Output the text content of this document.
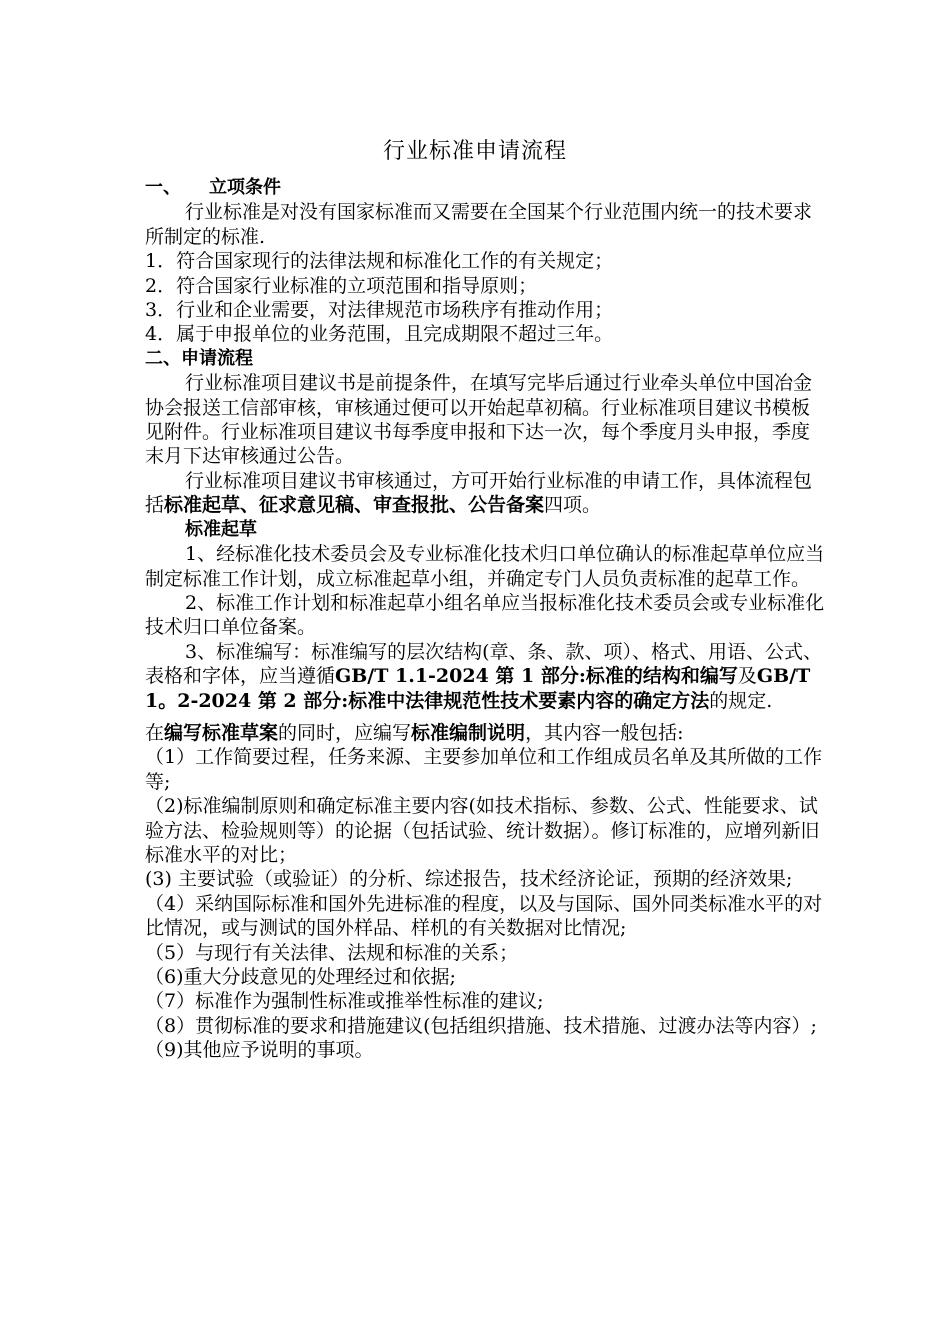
行业标准申请流程

一、 立项条件

行业标准是对没有国家标准而又需要在全国某个行业范围内统一的技术要求所制定的标准.

1．符合国家现行的法律法规和标准化工作的有关规定；

2．符合国家行业标准的立项范围和指导原则；

3．行业和企业需要，对法律规范市场秩序有推动作用；

4．属于申报单位的业务范围，且完成期限不超过三年。

二、申请流程

行业标准项目建议书是前提条件，在填写完毕后通过行业牵头单位中国冶金协会报送工信部审核，审核通过便可以开始起草初稿。行业标准项目建议书模板见附件。行业标准项目建议书每季度申报和下达一次，每个季度月头申报，季度末月下达审核通过公告。

行业标准项目建议书审核通过，方可开始行业标准的申请工作，具体流程包括标准起草、征求意见稿、审查报批、公告备案四项。

标准起草

1、经标准化技术委员会及专业标准化技术归口单位确认的标准起草单位应当制定标准工作计划，成立标准起草小组，并确定专门人员负责标准的起草工作。

2、标准工作计划和标准起草小组名单应当报标准化技术委员会或专业标准化技术归口单位备案。

3、标准编写：标准编写的层次结构(章、条、款、项）、格式、用语、公式、表格和字体，应当遵循GB/T 1.1-2024 第 1 部分:标准的结构和编写及GB/T 1。2-2024 第 2 部分:标准中法律规范性技术要素内容的确定方法的规定.

在编写标准草案的同时，应编写标准编制说明，其内容一般包括:

（1）工作简要过程，任务来源、主要参加单位和工作组成员名单及其所做的工作等;

（2)标准编制原则和确定标准主要内容(如技术指标、参数、公式、性能要求、试验方法、检验规则等）的论据（包括试验、统计数据）。修订标准的，应增列新旧标准水平的对比；

(3) 主要试验（或验证）的分析、综述报告，技术经济论证，预期的经济效果;

（4）采纳国际标准和国外先进标准的程度，以及与国际、国外同类标准水平的对比情况，或与测试的国外样品、样机的有关数据对比情况;

（5）与现行有关法律、法规和标准的关系；

（6)重大分歧意见的处理经过和依据;

（7）标准作为强制性标准或推举性标准的建议;

（8）贯彻标准的要求和措施建议(包括组织措施、技术措施、过渡办法等内容）;

（9)其他应予说明的事项。
